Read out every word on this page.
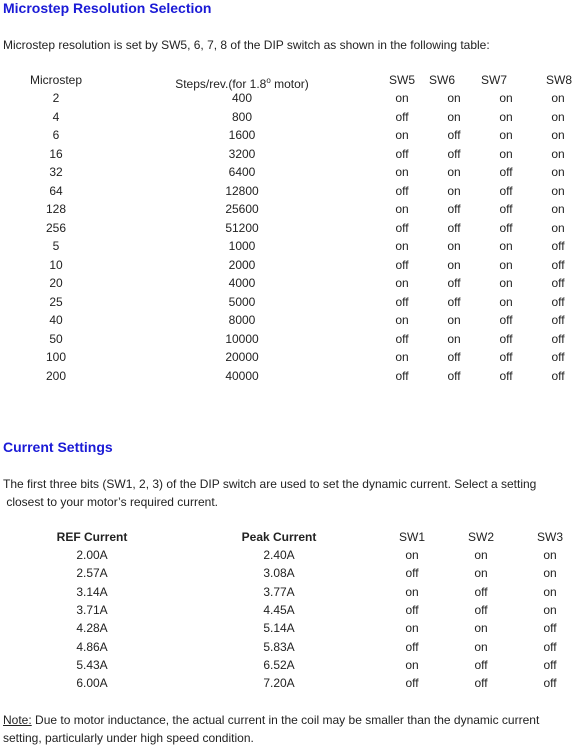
Microstep Resolution Selection

Microstep resolution is set by SW5, 6, 7, 8 of the DIP switch as shown in the following table:

Microstep	Steps/rev.(for 1.8$^o$ motor)	SW5	SW6	SW7	SW8
2	400	on	on	on	on
4	800	off	on	on	on
6	1600	on	off	on	on
16	3200	off	off	on	on
32	6400	on	on	off	on
64	12800	off	on	off	on
128	25600	on	off	off	on
256	51200	off	off	off	on
5	1000	on	on	on	off
10	2000	off	on	on	off
20	4000	on	off	on	off
25	5000	off	off	on	off
40	8000	on	on	off	off
50	10000	off	on	off	off
100	20000	on	off	off	off
200	40000	off	off	off	off
Current Settings

The first three bits (SW1, 2, 3) of the DIP switch are used to set the dynamic current. Select a setting

closest to your motor’s required current.

REF Current	Peak Current	SW1	SW2	SW3
2.00A	2.40A	on	on	on
2.57A	3.08A	off	on	on
3.14A	3.77A	on	off	on
3.71A	4.45A	off	off	on
4.28A	5.14A	on	on	off
4.86A	5.83A	off	on	off
5.43A	6.52A	on	off	off
6.00A	7.20A	off	off	off

Note: Due to motor inductance, the actual current in the coil may be smaller than the dynamic current

setting, particularly under high speed condition.
